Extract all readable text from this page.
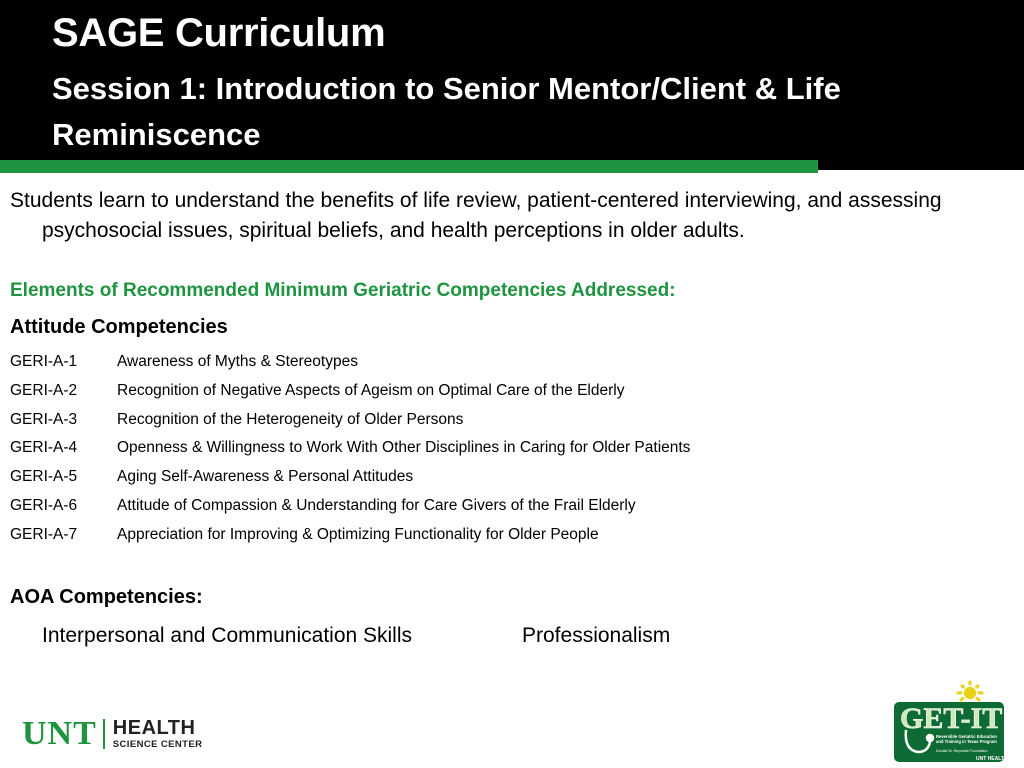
SAGE Curriculum
Session 1: Introduction to Senior Mentor/Client & Life Reminiscence

Students learn to understand the benefits of life review, patient-centered interviewing, and assessing psychosocial issues, spiritual beliefs, and health perceptions in older adults.

Elements of Recommended Minimum Geriatric Competencies Addressed:
Attitude Competencies
GERI-A-1	Awareness of Myths & Stereotypes
GERI-A-2	Recognition of Negative Aspects of Ageism on Optimal Care of the Elderly
GERI-A-3	Recognition of the Heterogeneity of Older Persons
GERI-A-4	Openness & Willingness to Work With Other Disciplines in Caring for Older Patients
GERI-A-5	Aging Self-Awareness & Personal Attitudes
GERI-A-6	Attitude of Compassion & Understanding for Care Givers of the Frail Elderly
GERI-A-7	Appreciation for Improving & Optimizing Functionality for Older People
AOA Competencies:
Interpersonal and Communication Skills	Professionalism
UNT HEALTH
SCIENCE CENTER
GET-IT
Reversible Geriatric Education
and Training in Texas Program
Donald W. Reynolds Foundation
UNT HEALTH
